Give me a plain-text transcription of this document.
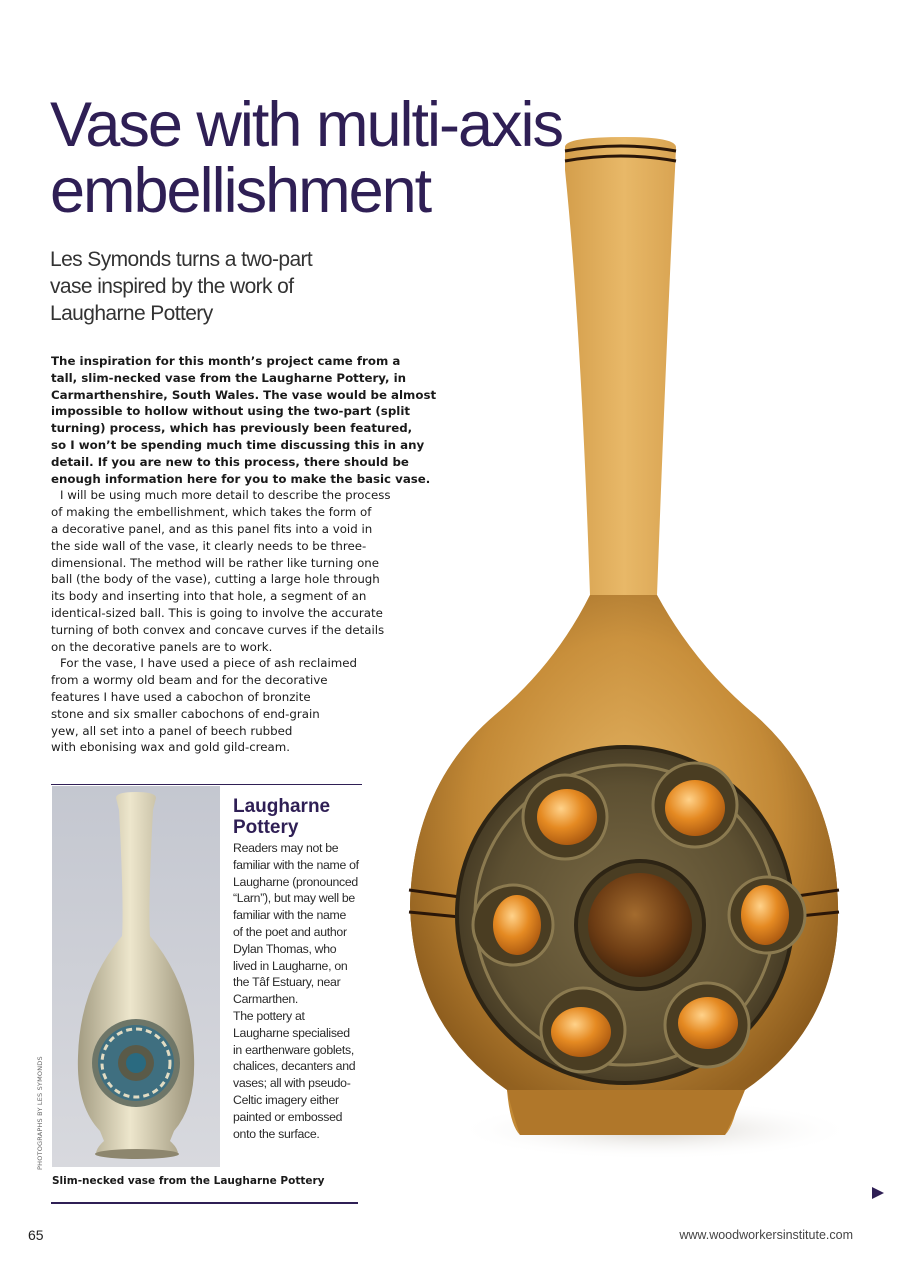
Vase with multi-axis
embellishment
Les Symonds turns a two-part
vase inspired by the work of
Laugharne Pottery

The inspiration for this month’s project came from a
tall, slim-necked vase from the Laugharne Pottery, in
Carmarthenshire, South Wales. The vase would be almost
impossible to hollow without using the two-part (split
turning) process, which has previously been featured,
so I won’t be spending much time discussing this in any
detail. If you are new to this process, there should be
enough information here for you to make the basic vase.

I will be using much more detail to describe the process
of making the embellishment, which takes the form of
a decorative panel, and as this panel fits into a void in
the side wall of the vase, it clearly needs to be three-
dimensional. The method will be rather like turning one
ball (the body of the vase), cutting a large hole through
its body and inserting into that hole, a segment of an
identical-sized ball. This is going to involve the accurate
turning of both convex and concave curves if the details
on the decorative panels are to work.

For the vase, I have used a piece of ash reclaimed
from a wormy old beam and for the decorative
features I have used a cabochon of bronzite
stone and six smaller cabochons of end-grain
yew, all set into a panel of beech rubbed
with ebonising wax and gold gild-cream.

PHOTOGRAPHS BY LES SYMONDS
Laugharne
Pottery
Readers may not be
familiar with the name of
Laugharne (pronounced
“Larn”), but may well be
familiar with the name
of the poet and author
Dylan Thomas, who
lived in Laugharne, on
the Tâf Estuary, near
Carmarthen.
The pottery at
Laugharne specialised
in earthenware goblets,
chalices, decanters and
vases; all with pseudo-
Celtic imagery either
painted or embossed
onto the surface.
Slim-necked vase from the Laugharne Pottery
65	www.woodworkersinstitute.com
